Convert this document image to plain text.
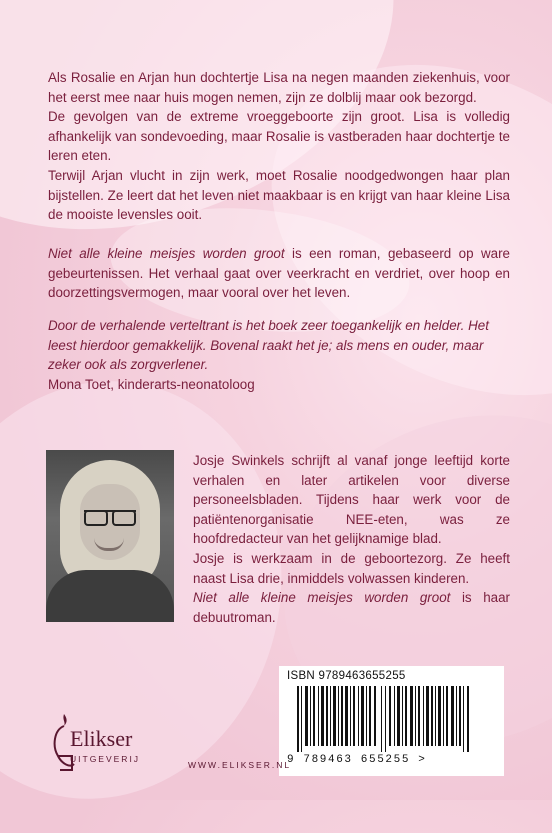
Als Rosalie en Arjan hun dochtertje Lisa na negen maanden ziekenhuis, voor het eerst mee naar huis mogen nemen, zijn ze dolblij maar ook bezorgd.

De gevolgen van de extreme vroeggeboorte zijn groot. Lisa is volledig afhankelijk van sondevoeding, maar Rosalie is vastberaden haar dochtertje te leren eten.

Terwijl Arjan vlucht in zijn werk, moet Rosalie noodgedwongen haar plan bijstellen. Ze leert dat het leven niet maakbaar is en krijgt van haar kleine Lisa de mooiste levensles ooit.

Niet alle kleine meisjes worden groot is een roman, gebaseerd op ware gebeurtenissen. Het verhaal gaat over veerkracht en verdriet, over hoop en doorzettingsvermogen, maar vooral over het leven.

Door de verhalende verteltrant is het boek zeer toegankelijk en helder. Het leest hierdoor gemakkelijk. Bovenal raakt het je; als mens en ouder, maar zeker ook als zorgverlener.

Mona Toet, kinderarts-neonatoloog

Josje Swinkels schrijft al vanaf jonge leeftijd korte verhalen en later artikelen voor diverse personeelsbladen. Tijdens haar werk voor de patiëntenorganisatie NEE-eten, was ze hoofdredacteur van het gelijknamige blad.

Josje is werkzaam in de geboortezorg. Ze heeft naast Lisa drie, inmiddels volwassen kinderen.

Niet alle kleine meisjes worden groot is haar debuutroman.

ISBN 9789463655255
9 789463 655255 >
Elikser
UITGEVERIJ
WWW.ELIKSER.NL
